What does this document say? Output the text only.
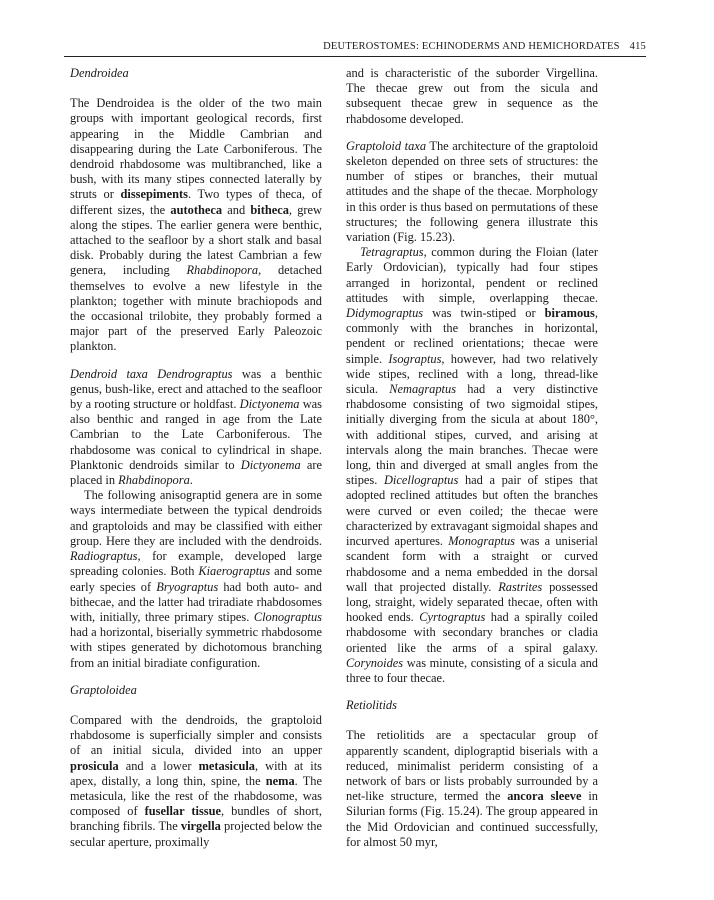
DEUTEROSTOMES: ECHINODERMS AND HEMICHORDATES 415
Dendroidea

The Dendroidea is the older of the two main groups with important geological records, first appearing in the Middle Cambrian and disappearing during the Late Carboniferous. The dendroid rhabdosome was multibranched, like a bush, with its many stipes connected laterally by struts or dissepiments. Two types of theca, of different sizes, the autotheca and bitheca, grew along the stipes. The earlier genera were benthic, attached to the seafloor by a short stalk and basal disk. Probably during the latest Cambrian a few genera, including Rhabdinopora, detached themselves to evolve a new lifestyle in the plankton; together with minute brachiopods and the occasional trilobite, they probably formed a major part of the preserved Early Paleozoic plankton.

Dendroid taxa Dendrograptus was a benthic genus, bush-like, erect and attached to the seafloor by a rooting structure or holdfast. Dictyonema was also benthic and ranged in age from the Late Cambrian to the Late Carboniferous. The rhabdosome was conical to cylindrical in shape. Planktonic dendroids similar to Dictyonema are placed in Rhabdinopora.

The following anisograptid genera are in some ways intermediate between the typical dendroids and graptoloids and may be classified with either group. Here they are included with the dendroids. Radiograptus, for example, developed large spreading colonies. Both Kiaerograptus and some early species of Bryograptus had both auto- and bithecae, and the latter had triradiate rhabdosomes with, initially, three primary stipes. Clonograptus had a horizontal, biserially symmetric rhabdosome with stipes generated by dichotomous branching from an initial biradiate configuration.

Graptoloidea

Compared with the dendroids, the graptoloid rhabdosome is superficially simpler and consists of an initial sicula, divided into an upper prosicula and a lower metasicula, with at its apex, distally, a long thin, spine, the nema. The metasicula, like the rest of the rhabdosome, was composed of fusellar tissue, bundles of short, branching fibrils. The virgella projected below the secular aperture, proximally

and is characteristic of the suborder Virgellina. The thecae grew out from the sicula and subsequent thecae grew in sequence as the rhabdosome developed.

Graptoloid taxa The architecture of the graptoloid skeleton depended on three sets of structures: the number of stipes or branches, their mutual attitudes and the shape of the thecae. Morphology in this order is thus based on permutations of these structures; the following genera illustrate this variation (Fig. 15.23).

Tetragraptus, common during the Floian (later Early Ordovician), typically had four stipes arranged in horizontal, pendent or reclined attitudes with simple, overlapping thecae. Didymograptus was twin-stiped or biramous, commonly with the branches in horizontal, pendent or reclined orientations; thecae were simple. Isograptus, however, had two relatively wide stipes, reclined with a long, thread-like sicula. Nemagraptus had a very distinctive rhabdosome consisting of two sigmoidal stipes, initially diverging from the sicula at about 180°, with additional stipes, curved, and arising at intervals along the main branches. Thecae were long, thin and diverged at small angles from the stipes. Dicellograptus had a pair of stipes that adopted reclined attitudes but often the branches were curved or even coiled; the thecae were characterized by extravagant sigmoidal shapes and incurved apertures. Monograptus was a uniserial scandent form with a straight or curved rhabdosome and a nema embedded in the dorsal wall that projected distally. Rastrites possessed long, straight, widely separated thecae, often with hooked ends. Cyrtograptus had a spirally coiled rhabdosome with secondary branches or cladia oriented like the arms of a spiral galaxy. Corynoides was minute, consisting of a sicula and three to four thecae.

Retiolitids

The retiolitids are a spectacular group of apparently scandent, diplograptid biserials with a reduced, minimalist periderm consisting of a network of bars or lists probably surrounded by a net-like structure, termed the ancora sleeve in Silurian forms (Fig. 15.24). The group appeared in the Mid Ordovician and continued successfully, for almost 50 myr,
